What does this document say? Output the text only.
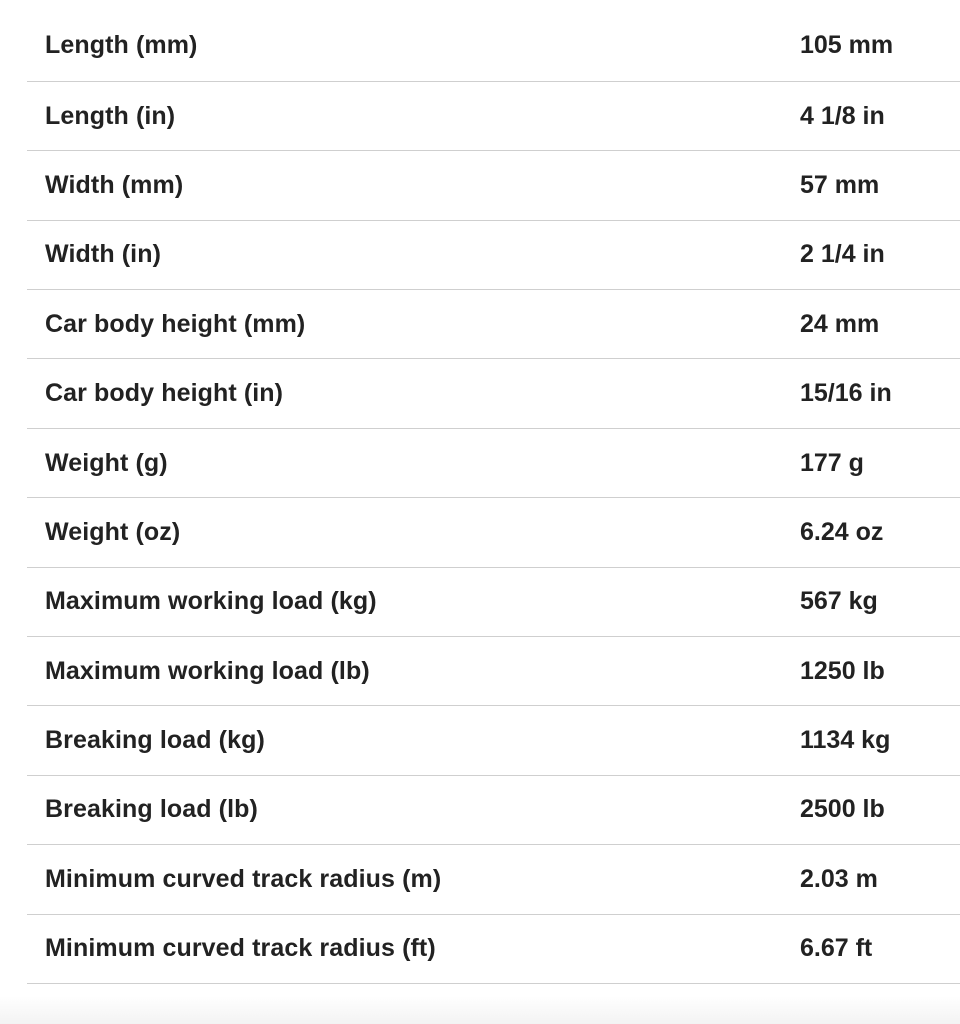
Length (mm)	105 mm
Length (in)	4 1/8 in
Width (mm)	57 mm
Width (in)	2 1/4 in
Car body height (mm)	24 mm
Car body height (in)	15/16 in
Weight (g)	177 g
Weight (oz)	6.24 oz
Maximum working load (kg)	567 kg
Maximum working load (lb)	1250 lb
Breaking load (kg)	1134 kg
Breaking load (lb)	2500 lb
Minimum curved track radius (m)	2.03 m
Minimum curved track radius (ft)	6.67 ft
